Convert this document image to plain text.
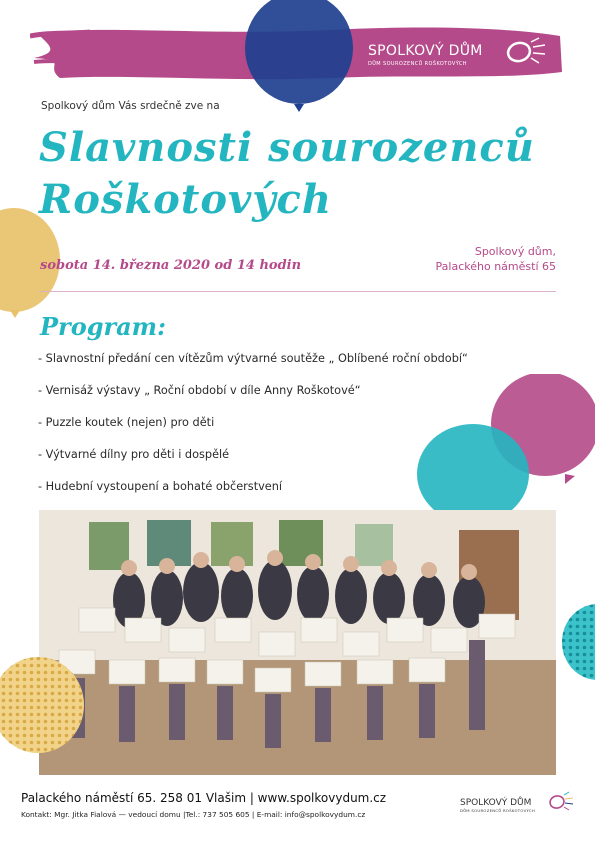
SPOLKOVÝ DŮM
DŮM SOUROZENCŮ ROŠKOTOVÝCH
Spolkový dům Vás srdečně zve na
Slavnosti sourozenců
Roškotových
sobota 14. března 2020 od 14 hodin
Spolkový dům,
Palackého náměstí 65
Program:
- Slavnostní předání cen vítězům výtvarné soutěže „ Oblíbené roční období“
- Vernisáž výstavy „ Roční období v díle Anny Roškotové“
- Puzzle koutek (nejen) pro děti
- Výtvarné dílny pro děti i dospělé
- Hudební vystoupení a bohaté občerstvení
Palackého náměstí 65. 258 01 Vlašim | www.spolkovydum.cz
Kontakt: Mgr. Jitka Fialová — vedoucí domu |Tel.: 737 505 605 | E-mail: info@spolkovydum.cz
SPOLKOVÝ DŮM
DŮM SOUROZENCŮ ROŠKOTOVÝCH
